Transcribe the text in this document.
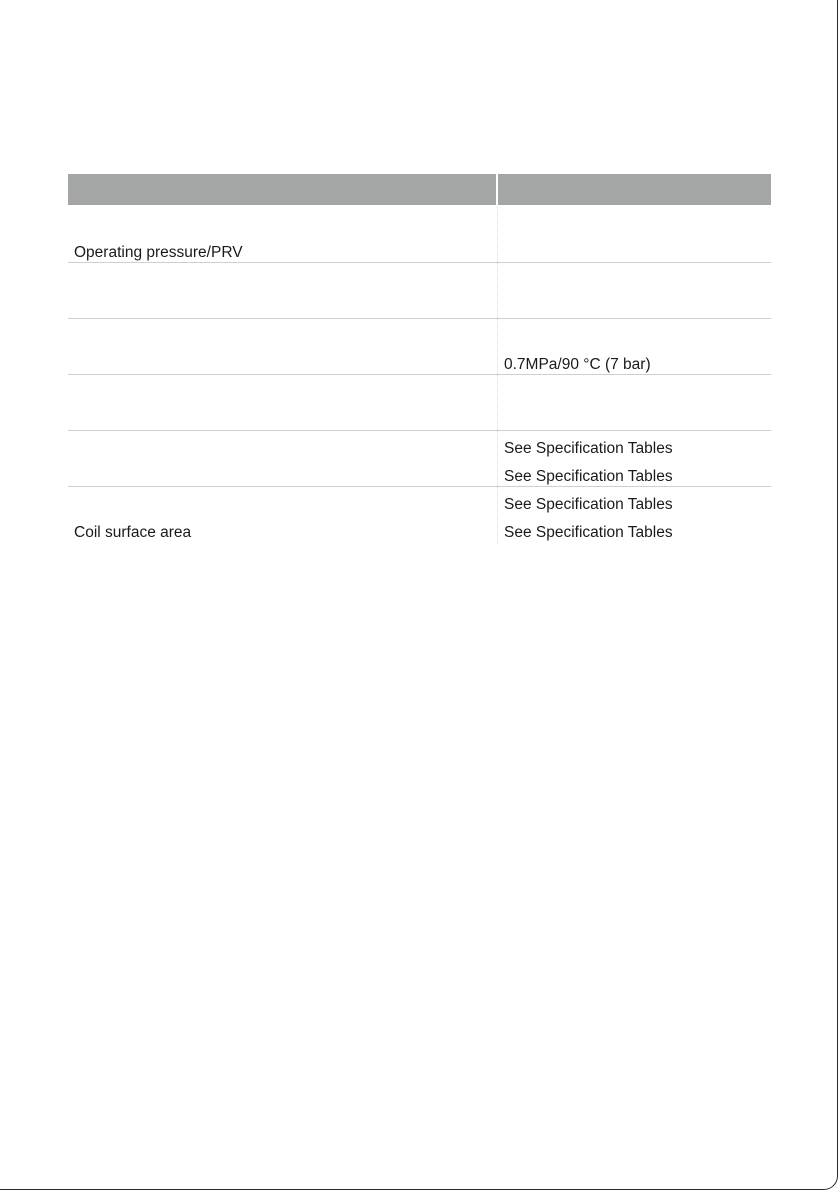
Operating pressure/PRV
0.7MPa/90 °C (7 bar)
See Specification Tables
See Specification Tables
Coil surface area
See Specification Tables
See Specification Tables
